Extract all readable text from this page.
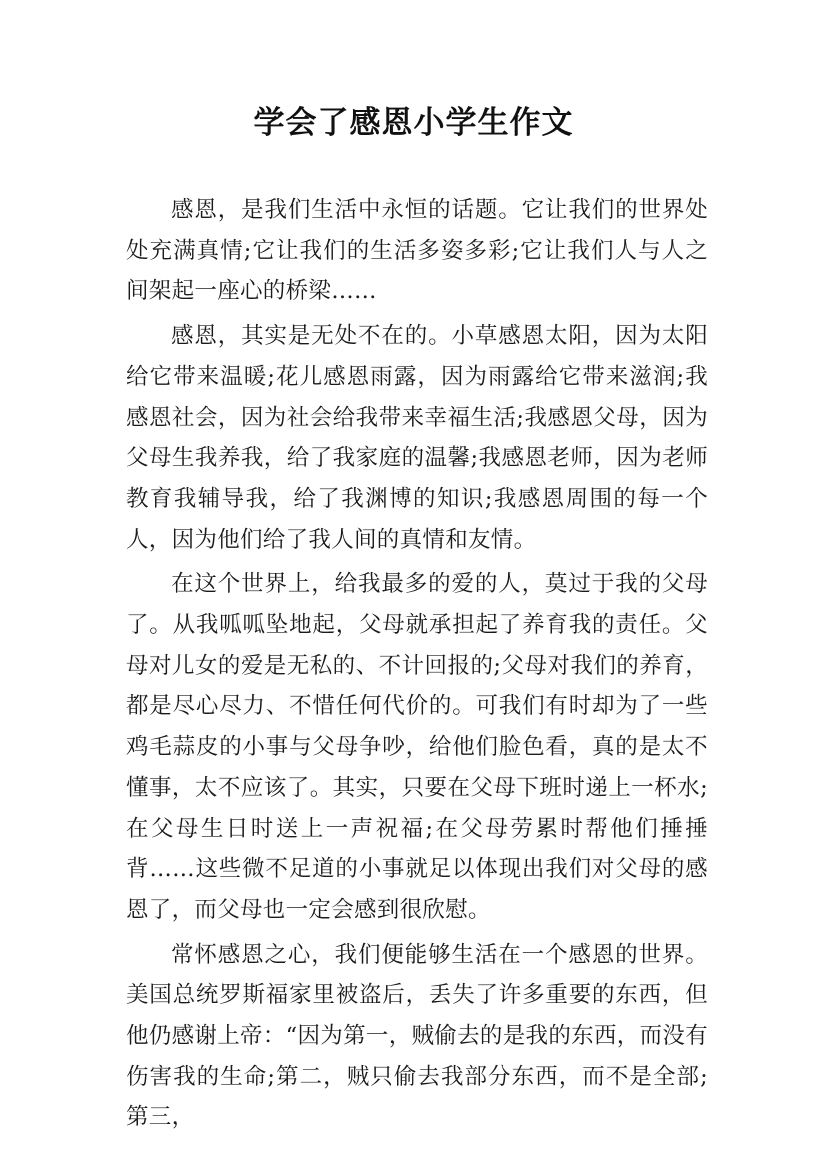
学会了感恩小学生作文

感恩，是我们生活中永恒的话题。它让我们的世界处处充满真情;它让我们的生活多姿多彩;它让我们人与人之间架起一座心的桥梁……

感恩，其实是无处不在的。小草感恩太阳，因为太阳给它带来温暖;花儿感恩雨露，因为雨露给它带来滋润;我感恩社会，因为社会给我带来幸福生活;我感恩父母，因为父母生我养我，给了我家庭的温馨;我感恩老师，因为老师教育我辅导我，给了我渊博的知识;我感恩周围的每一个人，因为他们给了我人间的真情和友情。

在这个世界上，给我最多的爱的人，莫过于我的父母了。从我呱呱坠地起，父母就承担起了养育我的责任。父母对儿女的爱是无私的、不计回报的;父母对我们的养育，都是尽心尽力、不惜任何代价的。可我们有时却为了一些鸡毛蒜皮的小事与父母争吵，给他们脸色看，真的是太不懂事，太不应该了。其实，只要在父母下班时递上一杯水;在父母生日时送上一声祝福;在父母劳累时帮他们捶捶背……这些微不足道的小事就足以体现出我们对父母的感恩了，而父母也一定会感到很欣慰。

常怀感恩之心，我们便能够生活在一个感恩的世界。美国总统罗斯福家里被盗后，丢失了许多重要的东西，但他仍感谢上帝：“因为第一，贼偷去的是我的东西，而没有伤害我的生命;第二，贼只偷去我部分东西，而不是全部;第三，
